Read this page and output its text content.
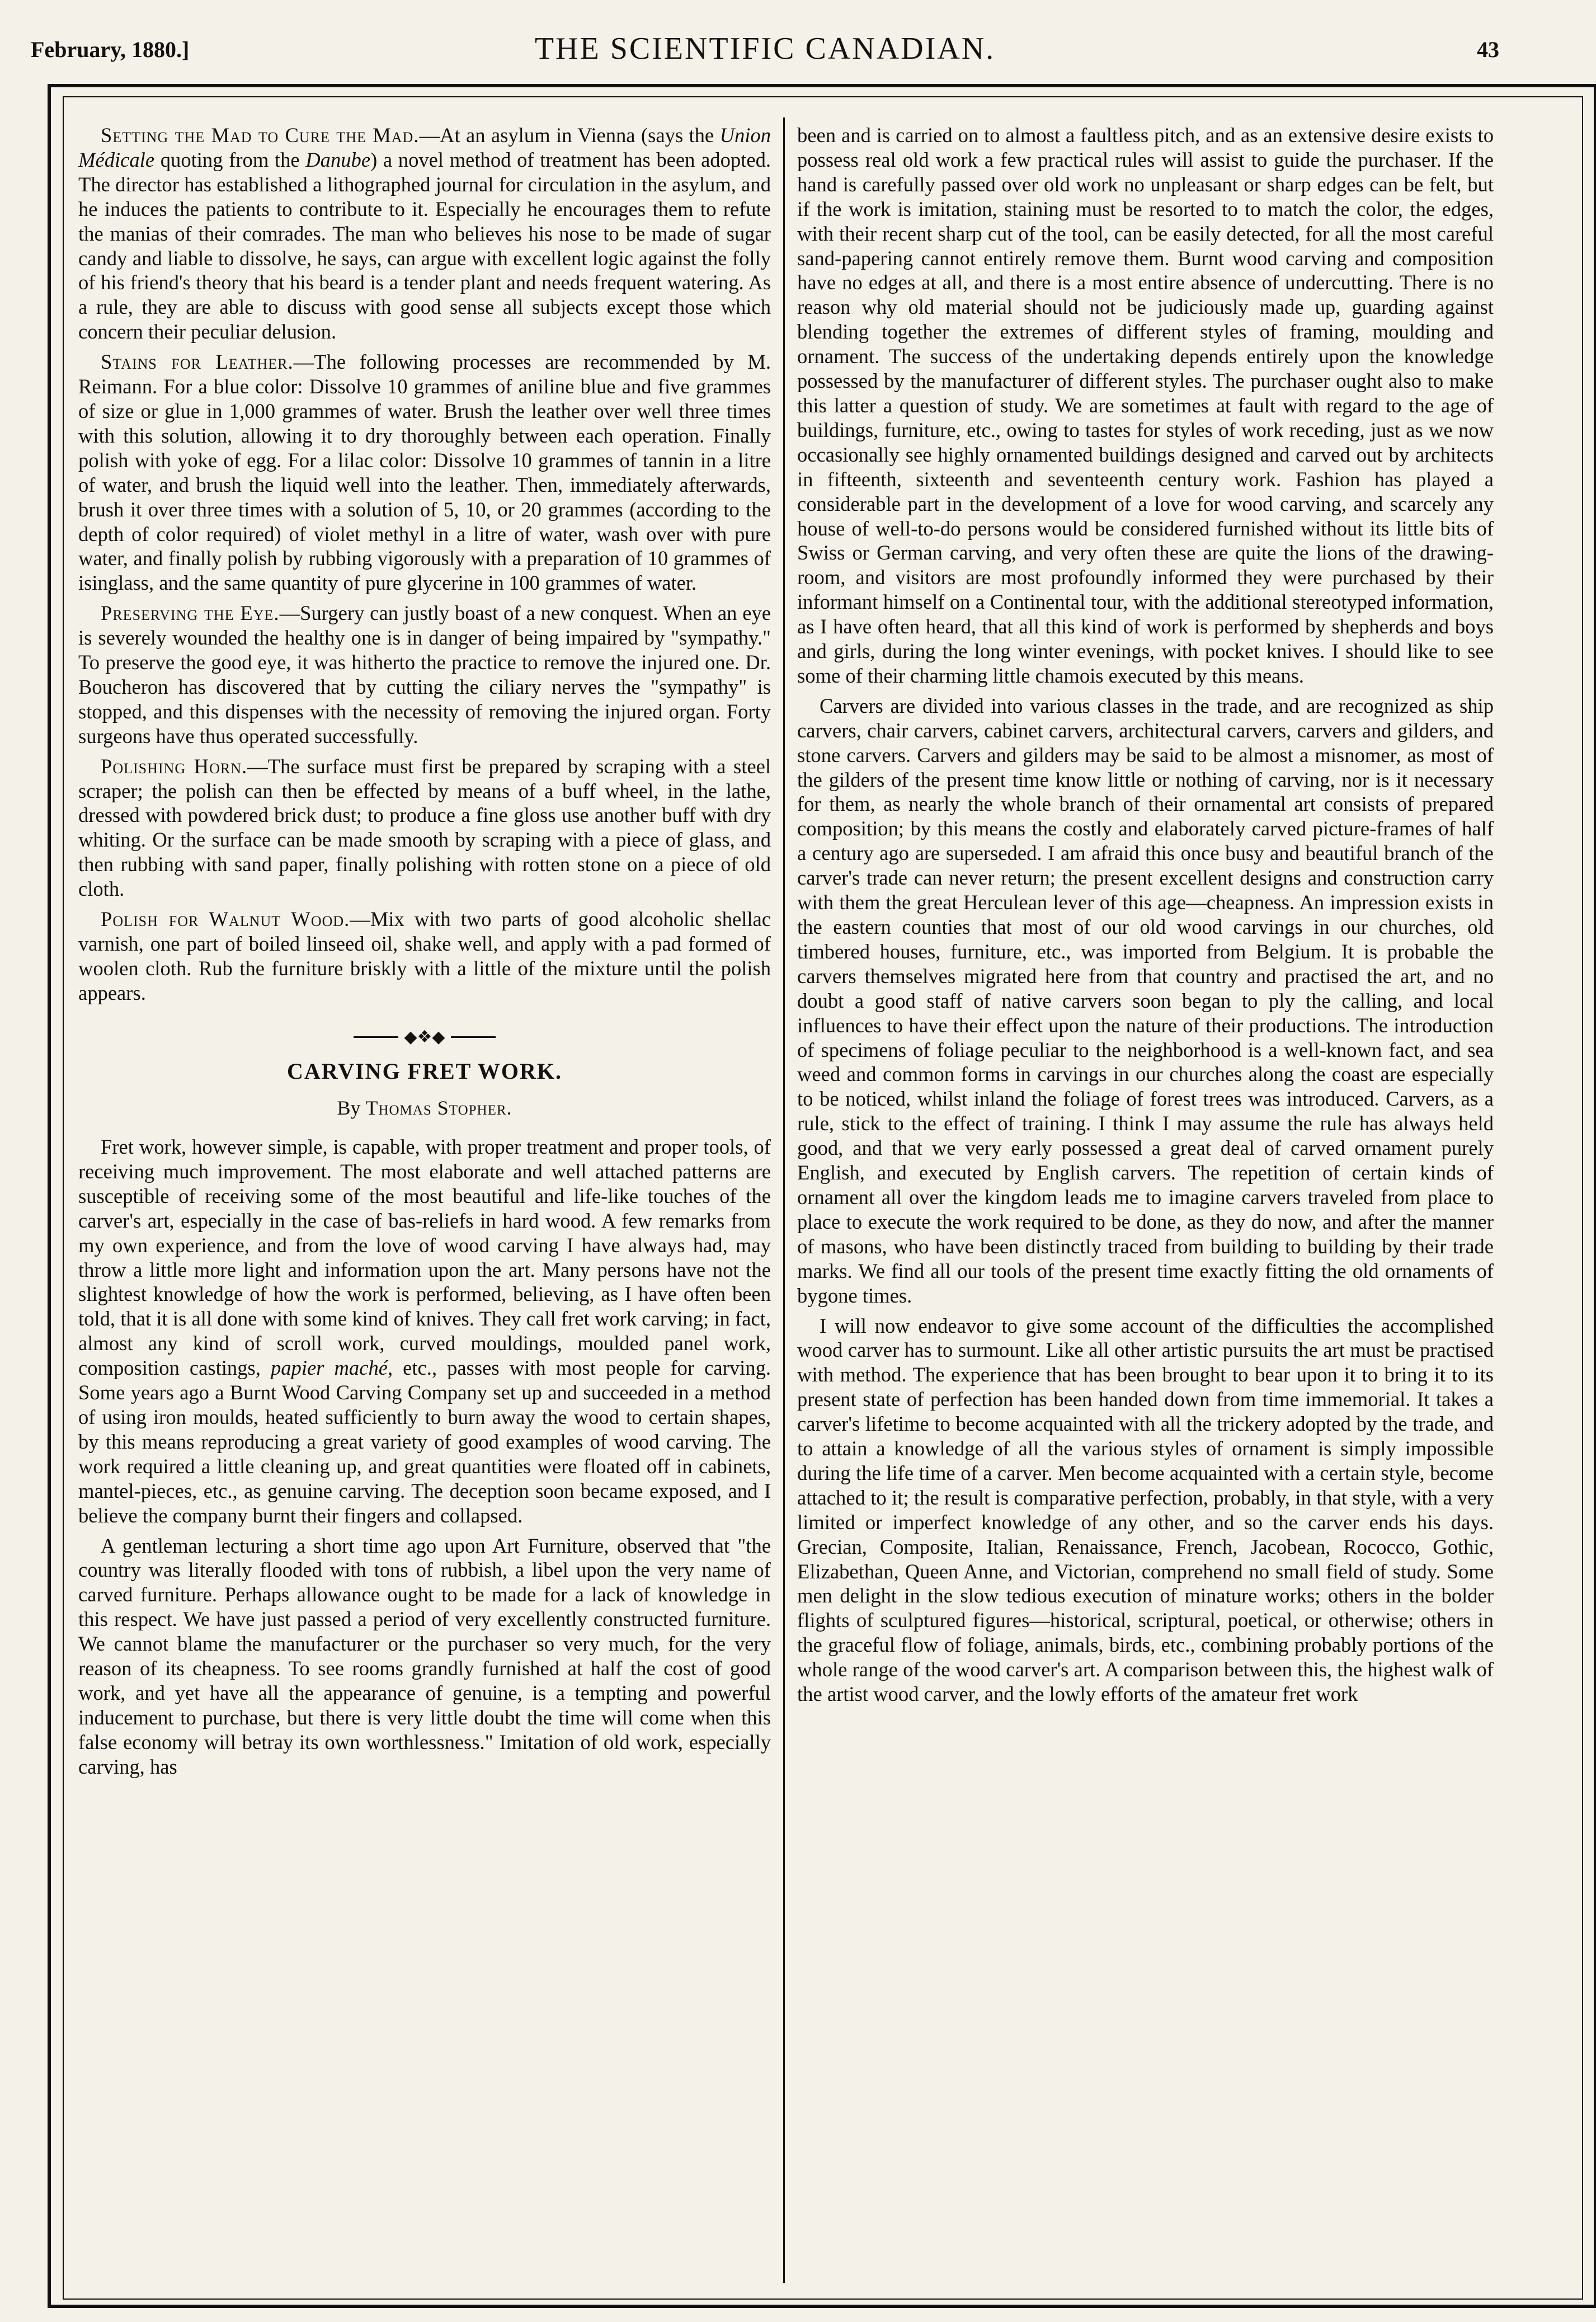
February, 1880.]	THE SCIENTIFIC CANADIAN.	43

Setting the Mad to Cure the Mad.—At an asylum in Vienna (says the Union Médicale quoting from the Danube) a novel method of treatment has been adopted. The director has established a lithographed journal for circulation in the asylum, and he induces the patients to contribute to it. Especially he encourages them to refute the manias of their comrades. The man who believes his nose to be made of sugar candy and liable to dissolve, he says, can argue with excellent logic against the folly of his friend's theory that his beard is a tender plant and needs frequent watering. As a rule, they are able to discuss with good sense all subjects except those which concern their peculiar delusion.

Stains for Leather.—The following processes are recommended by M. Reimann. For a blue color: Dissolve 10 grammes of aniline blue and five grammes of size or glue in 1,000 grammes of water. Brush the leather over well three times with this solution, allowing it to dry thoroughly between each operation. Finally polish with yoke of egg. For a lilac color: Dissolve 10 grammes of tannin in a litre of water, and brush the liquid well into the leather. Then, immediately afterwards, brush it over three times with a solution of 5, 10, or 20 grammes (according to the depth of color required) of violet methyl in a litre of water, wash over with pure water, and finally polish by rubbing vigorously with a preparation of 10 grammes of isinglass, and the same quantity of pure glycerine in 100 grammes of water.

Preserving the Eye.—Surgery can justly boast of a new conquest. When an eye is severely wounded the healthy one is in danger of being impaired by "sympathy." To preserve the good eye, it was hitherto the practice to remove the injured one. Dr. Boucheron has discovered that by cutting the ciliary nerves the "sympathy" is stopped, and this dispenses with the necessity of removing the injured organ. Forty surgeons have thus operated successfully.

Polishing Horn.—The surface must first be prepared by scraping with a steel scraper; the polish can then be effected by means of a buff wheel, in the lathe, dressed with powdered brick dust; to produce a fine gloss use another buff with dry whiting. Or the surface can be made smooth by scraping with a piece of glass, and then rubbing with sand paper, finally polishing with rotten stone on a piece of old cloth.

Polish for Walnut Wood.—Mix with two parts of good alcoholic shellac varnish, one part of boiled linseed oil, shake well, and apply with a pad formed of woolen cloth. Rub the furniture briskly with a little of the mixture until the polish appears.

◆❖◆
CARVING FRET WORK.
By Thomas Stopher.

Fret work, however simple, is capable, with proper treatment and proper tools, of receiving much improvement. The most elaborate and well attached patterns are susceptible of receiving some of the most beautiful and life-like touches of the carver's art, especially in the case of bas-reliefs in hard wood. A few remarks from my own experience, and from the love of wood carving I have always had, may throw a little more light and information upon the art. Many persons have not the slightest knowledge of how the work is performed, believing, as I have often been told, that it is all done with some kind of knives. They call fret work carving; in fact, almost any kind of scroll work, curved mouldings, moulded panel work, composition castings, papier maché, etc., passes with most people for carving. Some years ago a Burnt Wood Carving Company set up and succeeded in a method of using iron moulds, heated sufficiently to burn away the wood to certain shapes, by this means reproducing a great variety of good examples of wood carving. The work required a little cleaning up, and great quantities were floated off in cabinets, mantel-pieces, etc., as genuine carving. The deception soon became exposed, and I believe the company burnt their fingers and collapsed.

A gentleman lecturing a short time ago upon Art Furniture, observed that "the country was literally flooded with tons of rubbish, a libel upon the very name of carved furniture. Perhaps allowance ought to be made for a lack of knowledge in this respect. We have just passed a period of very excellently constructed furniture. We cannot blame the manufacturer or the purchaser so very much, for the very reason of its cheapness. To see rooms grandly furnished at half the cost of good work, and yet have all the appearance of genuine, is a tempting and powerful inducement to purchase, but there is very little doubt the time will come when this false economy will betray its own worthlessness." Imitation of old work, especially carving, has

been and is carried on to almost a faultless pitch, and as an extensive desire exists to possess real old work a few practical rules will assist to guide the purchaser. If the hand is carefully passed over old work no unpleasant or sharp edges can be felt, but if the work is imitation, staining must be resorted to to match the color, the edges, with their recent sharp cut of the tool, can be easily detected, for all the most careful sand-papering cannot entirely remove them. Burnt wood carving and composition have no edges at all, and there is a most entire absence of undercutting. There is no reason why old material should not be judiciously made up, guarding against blending together the extremes of different styles of framing, moulding and ornament. The success of the undertaking depends entirely upon the knowledge possessed by the manufacturer of different styles. The purchaser ought also to make this latter a question of study. We are sometimes at fault with regard to the age of buildings, furniture, etc., owing to tastes for styles of work receding, just as we now occasionally see highly ornamented buildings designed and carved out by architects in fifteenth, sixteenth and seventeenth century work. Fashion has played a considerable part in the development of a love for wood carving, and scarcely any house of well-to-do persons would be considered furnished without its little bits of Swiss or German carving, and very often these are quite the lions of the drawing-room, and visitors are most profoundly informed they were purchased by their informant himself on a Continental tour, with the additional stereotyped information, as I have often heard, that all this kind of work is performed by shepherds and boys and girls, during the long winter evenings, with pocket knives. I should like to see some of their charming little chamois executed by this means.

Carvers are divided into various classes in the trade, and are recognized as ship carvers, chair carvers, cabinet carvers, architectural carvers, carvers and gilders, and stone carvers. Carvers and gilders may be said to be almost a misnomer, as most of the gilders of the present time know little or nothing of carving, nor is it necessary for them, as nearly the whole branch of their ornamental art consists of prepared composition; by this means the costly and elaborately carved picture-frames of half a century ago are superseded. I am afraid this once busy and beautiful branch of the carver's trade can never return; the present excellent designs and construction carry with them the great Herculean lever of this age—cheapness. An impression exists in the eastern counties that most of our old wood carvings in our churches, old timbered houses, furniture, etc., was imported from Belgium. It is probable the carvers themselves migrated here from that country and practised the art, and no doubt a good staff of native carvers soon began to ply the calling, and local influences to have their effect upon the nature of their productions. The introduction of specimens of foliage peculiar to the neighborhood is a well-known fact, and sea weed and common forms in carvings in our churches along the coast are especially to be noticed, whilst inland the foliage of forest trees was introduced. Carvers, as a rule, stick to the effect of training. I think I may assume the rule has always held good, and that we very early possessed a great deal of carved ornament purely English, and executed by English carvers. The repetition of certain kinds of ornament all over the kingdom leads me to imagine carvers traveled from place to place to execute the work required to be done, as they do now, and after the manner of masons, who have been distinctly traced from building to building by their trade marks. We find all our tools of the present time exactly fitting the old ornaments of bygone times.

I will now endeavor to give some account of the difficulties the accomplished wood carver has to surmount. Like all other artistic pursuits the art must be practised with method. The experience that has been brought to bear upon it to bring it to its present state of perfection has been handed down from time immemorial. It takes a carver's lifetime to become acquainted with all the trickery adopted by the trade, and to attain a knowledge of all the various styles of ornament is simply impossible during the life time of a carver. Men become acquainted with a certain style, become attached to it; the result is comparative perfection, probably, in that style, with a very limited or imperfect knowledge of any other, and so the carver ends his days. Grecian, Composite, Italian, Renaissance, French, Jacobean, Rococco, Gothic, Elizabethan, Queen Anne, and Victorian, comprehend no small field of study. Some men delight in the slow tedious execution of minature works; others in the bolder flights of sculptured figures—historical, scriptural, poetical, or otherwise; others in the graceful flow of foliage, animals, birds, etc., combining probably portions of the whole range of the wood carver's art. A comparison between this, the highest walk of the artist wood carver, and the lowly efforts of the amateur fret work
